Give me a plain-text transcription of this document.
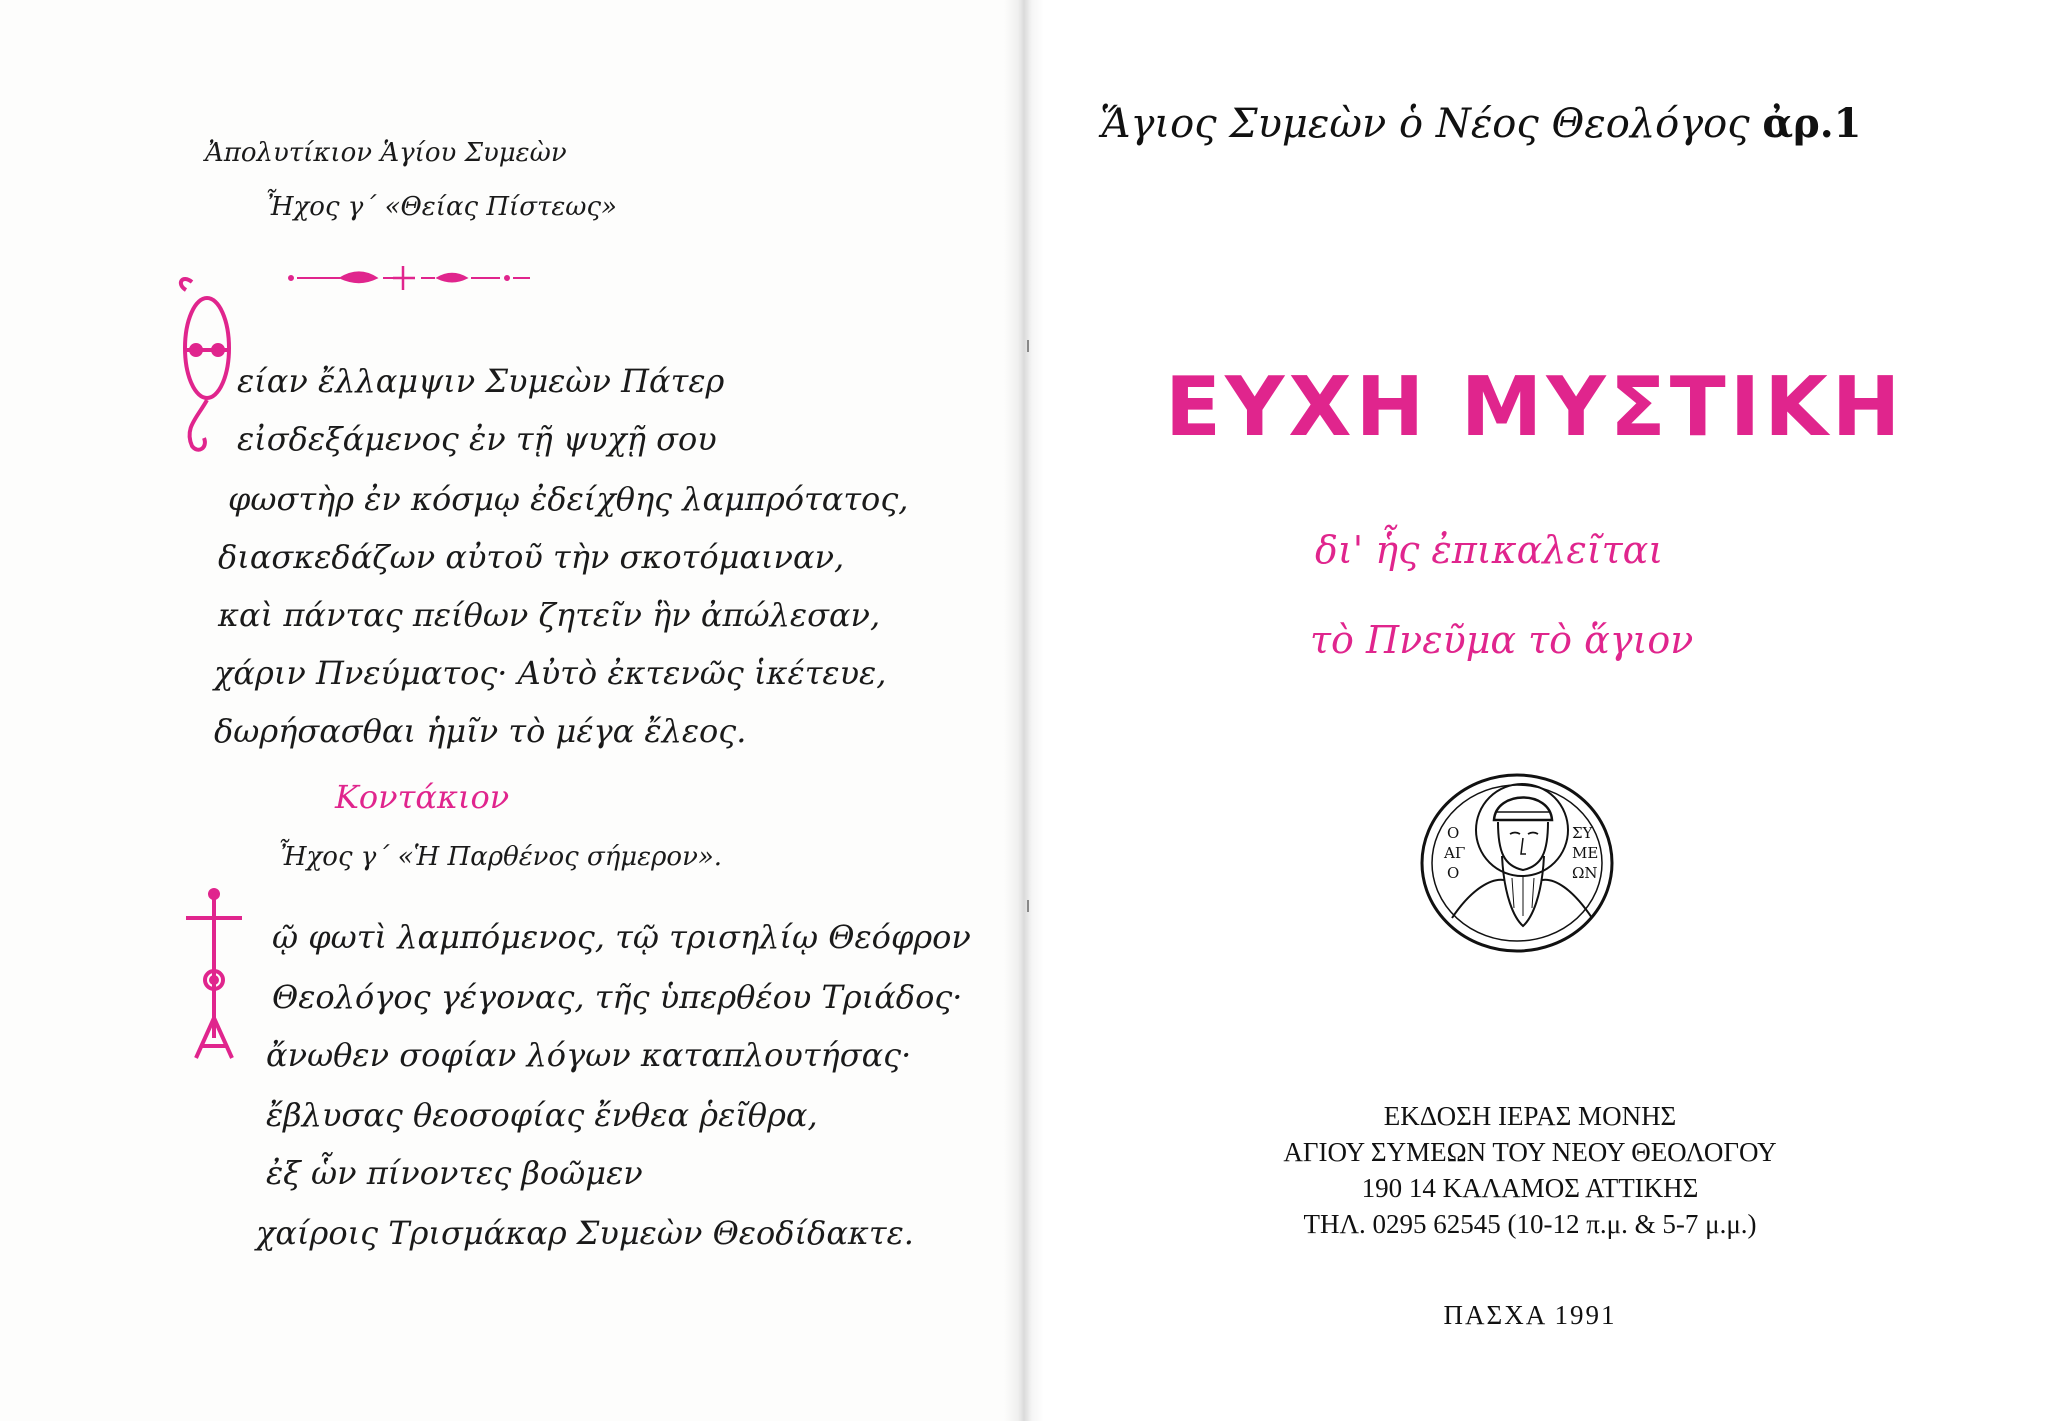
Ἀπολυτίκιον Ἁγίου Συμεὼν
Ἦχος γ΄ «Θείας Πίστεως»
είαν ἔλλαμψιν Συμεὼν Πάτερ
εἰσδεξάμενος ἐν τῇ ψυχῇ σου
φωστὴρ ἐν κόσμῳ ἐδείχθης λαμπρότατος,
διασκεδάζων αὐτοῦ τὴν σκοτόμαιναν,
καὶ πάντας πείθων ζητεῖν ἣν ἀπώλεσαν,
χάριν Πνεύματος· Αὐτὸ ἐκτενῶς ἱκέτευε,
δωρήσασθαι ἡμῖν τὸ μέγα ἔλεος.
Κοντάκιον
Ἦχος γ΄ «Ἡ Παρθένος σήμερον».
ῷ φωτὶ λαμπόμενος, τῷ τρισηλίῳ Θεόφρον
Θεολόγος γέγονας, τῆς ὑπερθέου Τριάδος·
ἄνωθεν σοφίαν λόγων καταπλουτήσας·
ἔβλυσας θεοσοφίας ἔνθεα ῥεῖθρα,
ἐξ ὧν πίνοντες βοῶμεν
χαίροις Τρισμάκαρ Συμεὼν Θεοδίδακτε.
Ἅγιος Συμεὼν ὁ Νέος Θεολόγος ἀρ.1
ΕΥΧΗ ΜΥΣΤΙΚΗ
δι' ἧς ἐπικαλεῖται
τὸ Πνεῦμα τὸ ἅγιον
Ο
ΑΓ
Ο
ΣΥ
ΜΕ
ΩΝ
ΕΚΔΟΣΗ ΙΕΡΑΣ ΜΟΝΗΣ
ΑΓΙΟΥ ΣΥΜΕΩΝ ΤΟΥ ΝΕΟΥ ΘΕΟΛΟΓΟΥ
190 14 ΚΑΛΑΜΟΣ ΑΤΤΙΚΗΣ
ΤΗΛ. 0295 62545 (10-12 π.μ. & 5-7 μ.μ.)
ΠΑΣΧΑ 1991
